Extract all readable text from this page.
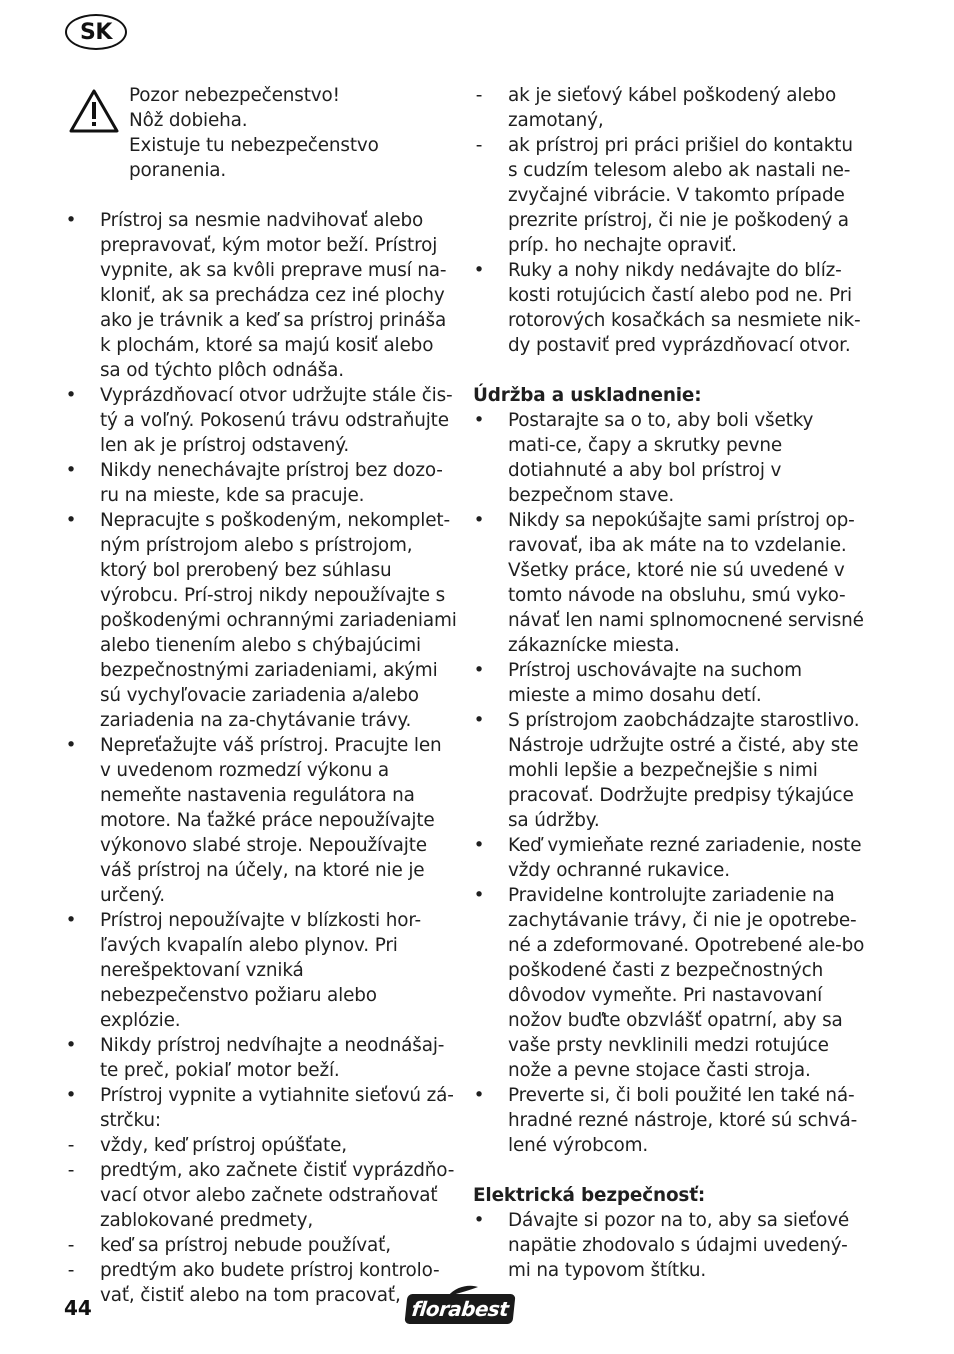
SK

Pozor nebezpečenstvo!

Nôž dobieha.

Existuje tu nebezpečenstvo

poranenia.

• Prístroj sa nesmie nadvihovať alebo prepravovať, kým motor beží. Prístroj vypnite, ak sa kvôli preprave musí na-kloniť, ak sa prechádza cez iné plochy ako je trávnik a keď sa prístroj prináša k plochám, ktoré sa majú kosiť alebo sa od týchto plôch odnáša.
• Vyprázdňovací otvor udržujte stále čis-tý a voľný. Pokosenú trávu odstraňujte len ak je prístroj odstavený.
• Nikdy nenechávajte prístroj bez dozo-ru na mieste, kde sa pracuje.
• Nepracujte s poškodeným, nekomplet-ným prístrojom alebo s prístrojom, ktorý bol prerobený bez súhlasu výrobcu. Prí-stroj nikdy nepoužívajte s poškodenými ochrannými zariadeniami alebo tienením alebo s chýbajúcimi bezpečnostnými zariadeniami, akými sú vychyľovacie zariadenia a/alebo zariadenia na za-chytávanie trávy.
• Nepreťažujte váš prístroj. Pracujte len v uvedenom rozmedzí výkonu a nemeňte nastavenia regulátora na motore. Na ťažké práce nepoužívajte výkonovo slabé stroje. Nepoužívajte váš prístroj na účely, na ktoré nie je určený.
• Prístroj nepoužívajte v blízkosti hor-ľavých kvapalín alebo plynov. Pri nerešpektovaní vzniká nebezpečenstvo požiaru alebo explózie.
• Nikdy prístroj nedvíhajte a neodnášaj-te preč, pokiaľ motor beží.
• Prístroj vypnite a vytiahnite sieťovú zá-strčku:
- vždy, keď prístroj opúšťate,
- predtým, ako začnete čistiť vyprázdňo-vací otvor alebo začnete odstraňovať zablokované predmety,
- keď sa prístroj nebude používať,
- predtým ako budete prístroj kontrolo-vať, čistiť alebo na tom pracovať,
- ak je sieťový kábel poškodený alebo zamotaný,
- ak prístroj pri práci prišiel do kontaktu s cudzím telesom alebo ak nastali ne-zvyčajné vibrácie. V takomto prípade prezrite prístroj, či nie je poškodený a príp. ho nechajte opraviť.
• Ruky a nohy nikdy nedávajte do blíz-kosti rotujúcich častí alebo pod ne. Pri rotorových kosačkách sa nesmiete nik-dy postaviť pred vyprázdňovací otvor.
Údržba a uskladnenie:
• Postarajte sa o to, aby boli všetky mati-ce, čapy a skrutky pevne dotiahnuté a aby bol prístroj v bezpečnom stave.
• Nikdy sa nepokúšajte sami prístroj op-ravovať, iba ak máte na to vzdelanie. Všetky práce, ktoré nie sú uvedené v tomto návode na obsluhu, smú vyko-návať len nami splnomocnené servisné zákaznícke miesta.
• Prístroj uschovávajte na suchom mieste a mimo dosahu detí.
• S prístrojom zaobchádzajte starostlivo. Nástroje udržujte ostré a čisté, aby ste mohli lepšie a bezpečnejšie s nimi pracovať. Dodržujte predpisy týkajúce sa údržby.
• Keď vymieňate rezné zariadenie, noste vždy ochranné rukavice.
• Pravidelne kontrolujte zariadenie na zachytávanie trávy, či nie je opotrebe-né a zdeformované. Opotrebené ale-bo poškodené časti z bezpečnostných dôvodov vymeňte. Pri nastavovaní nožov buďte obzvlášť opatrní, aby sa vaše prsty nevklinili medzi rotujúce nože a pevne stojace časti stroja.
• Preverte si, či boli použité len také ná-hradné rezné nástroje, ktoré sú schvá-lené výrobcom.
Elektrická bezpečnosť:
• Dávajte si pozor na to, aby sa sieťové napätie zhodovalo s údajmi uvedený-mi na typovom štítku.
44	florabest
